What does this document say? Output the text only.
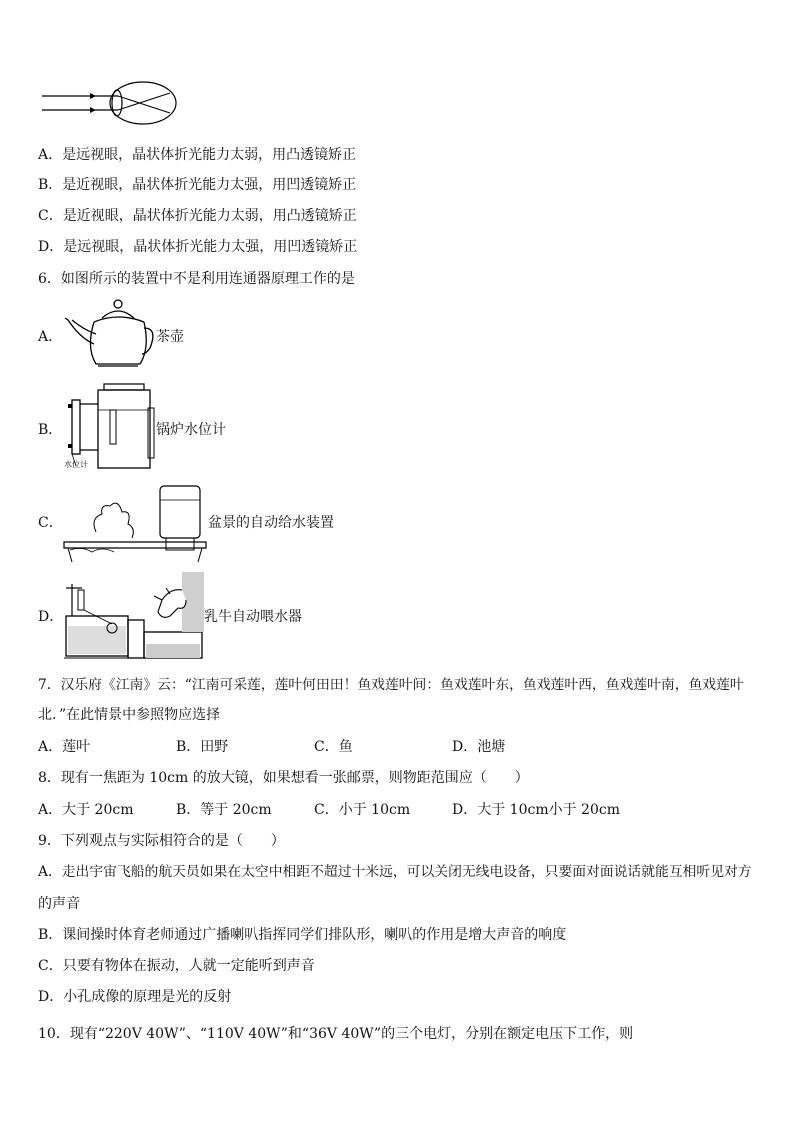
A．是远视眼，晶状体折光能力太弱，用凸透镜矫正
B．是近视眼，晶状体折光能力太强，用凹透镜矫正
C．是近视眼，晶状体折光能力太弱，用凸透镜矫正
D．是远视眼，晶状体折光能力太强，用凹透镜矫正
6．如图所示的装置中不是利用连通器原理工作的是
A．	茶壶
B．
水位计
锅炉水位计
C．	盆景的自动给水装置
D．	乳牛自动喂水器
7．汉乐府《江南》云：“江南可采莲，莲叶何田田！鱼戏莲叶间：鱼戏莲叶东，鱼戏莲叶西，鱼戏莲叶南，鱼戏莲叶
北．”在此情景中参照物应选择
A．莲叶	B．田野	C．鱼	D．池塘
8．现有一焦距为 10cm 的放大镜，如果想看一张邮票，则物距范围应（　　）
A．大于 20cm	B．等于 20cm	C．小于 10cm	D．大于 10cm小于 20cm
9．下列观点与实际相符合的是（　　）
A．走出宇宙飞船的航天员如果在太空中相距不超过十米远，可以关闭无线电设备，只要面对面说话就能互相听见对方
的声音
B．课间操时体育老师通过广播喇叭指挥同学们排队形，喇叭的作用是增大声音的响度
C．只要有物体在振动，人就一定能听到声音
D．小孔成像的原理是光的反射
10．现有“220V 40W”、“110V 40W”和“36V 40W”的三个电灯，分别在额定电压下工作，则
